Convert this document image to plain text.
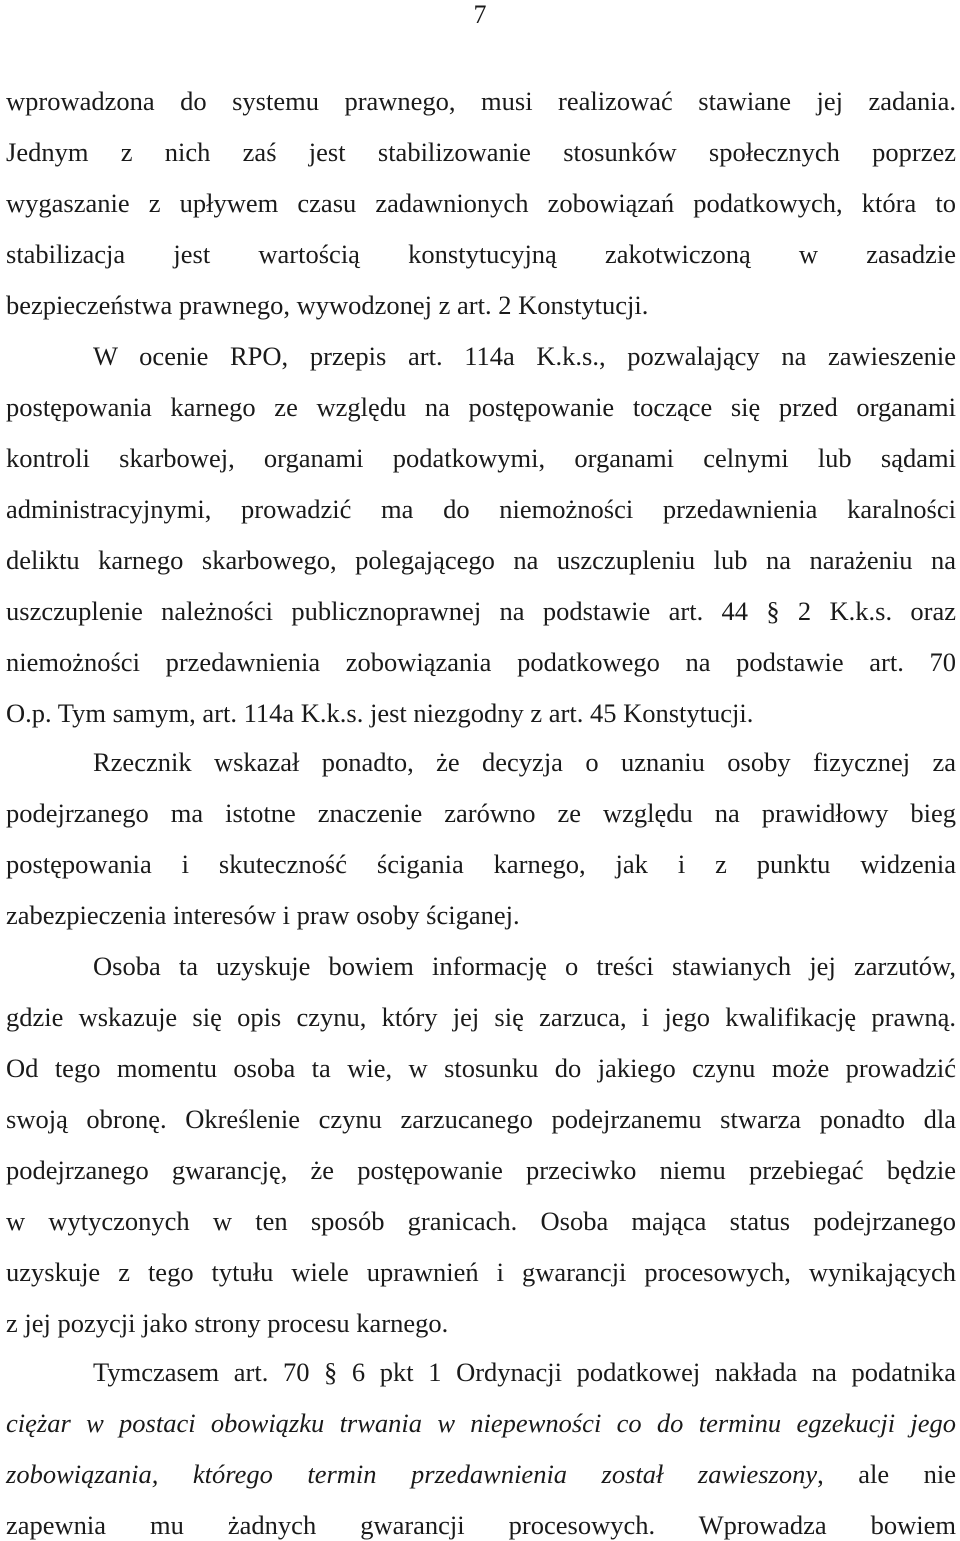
7
wprowadzona do systemu prawnego, musi realizować stawiane jej zadania.
Jednym z nich zaś jest stabilizowanie stosunków społecznych poprzez
wygaszanie z upływem czasu zadawnionych zobowiązań podatkowych, która to
stabilizacja jest wartością konstytucyjną zakotwiczoną w zasadzie
bezpieczeństwa prawnego, wywodzonej z art. 2 Konstytucji.
W ocenie RPO, przepis art. 114a K.k.s., pozwalający na zawieszenie
postępowania karnego ze względu na postępowanie toczące się przed organami
kontroli skarbowej, organami podatkowymi, organami celnymi lub sądami
administracyjnymi, prowadzić ma do niemożności przedawnienia karalności
deliktu karnego skarbowego, polegającego na uszczupleniu lub na narażeniu na
uszczuplenie należności publicznoprawnej na podstawie art. 44 § 2 K.k.s. oraz
niemożności przedawnienia zobowiązania podatkowego na podstawie art. 70
O.p. Tym samym, art. 114a K.k.s. jest niezgodny z art. 45 Konstytucji.
Rzecznik wskazał ponadto, że decyzja o uznaniu osoby fizycznej za
podejrzanego ma istotne znaczenie zarówno ze względu na prawidłowy bieg
postępowania i skuteczność ścigania karnego, jak i z punktu widzenia
zabezpieczenia interesów i praw osoby ściganej.
Osoba ta uzyskuje bowiem informację o treści stawianych jej zarzutów,
gdzie wskazuje się opis czynu, który jej się zarzuca, i jego kwalifikację prawną.
Od tego momentu osoba ta wie, w stosunku do jakiego czynu może prowadzić
swoją obronę. Określenie czynu zarzucanego podejrzanemu stwarza ponadto dla
podejrzanego gwarancję, że postępowanie przeciwko niemu przebiegać będzie
w wytyczonych w ten sposób granicach. Osoba mająca status podejrzanego
uzyskuje z tego tytułu wiele uprawnień i gwarancji procesowych, wynikających
z jej pozycji jako strony procesu karnego.
Tymczasem art. 70 § 6 pkt 1 Ordynacji podatkowej nakłada na podatnika
ciężar w postaci obowiązku trwania w niepewności co do terminu egzekucji jego
zobowiązania, którego termin przedawnienia został zawieszony, ale nie
zapewnia mu żadnych gwarancji procesowych. Wprowadza bowiem
